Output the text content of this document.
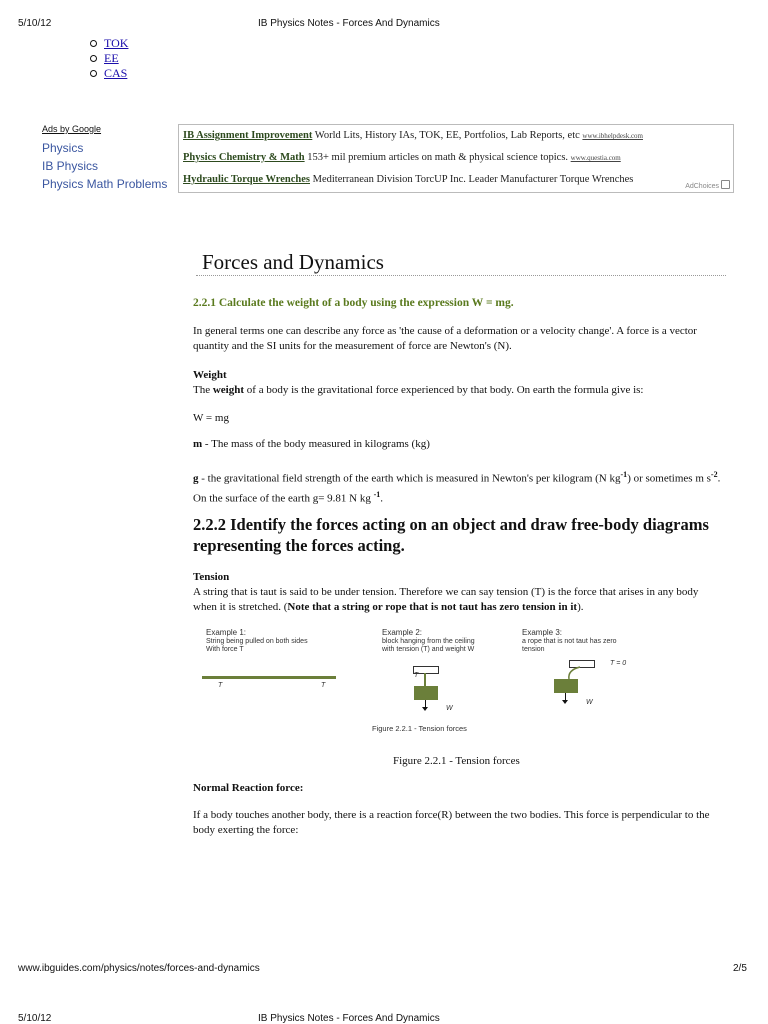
5/10/12	IB Physics Notes - Forces And Dynamics
TOK
EE
CAS
Ads by Google
Physics
IB Physics
Physics Math Problems
IB Assignment Improvement World Lits, History IAs, TOK, EE, Portfolios, Lab Reports, etc www.ibhelpdesk.com
Physics Chemistry & Math 153+ mil premium articles on math & physical science topics. www.questia.com
Hydraulic Torque Wrenches Mediterranean Division TorcUP Inc. Leader Manufacturer Torque Wrenches
AdChoices
Forces and Dynamics
2.2.1 Calculate the weight of a body using the expression W = mg.
In general terms one can describe any force as 'the cause of a deformation or a velocity change'. A force is a vector quantity and the SI units for the measurement of force are Newton's (N).
Weight
The weight of a body is the gravitational force experienced by that body. On earth the formula give is:
W = mg
m - The mass of the body measured in kilograms (kg)
g - the gravitational field strength of the earth which is measured in Newton's per kilogram (N $kg^{-1}$) or sometimes m $s^{-2}$. On the surface of the earth g= 9.81 N kg $^{-1}$.
2.2.2 Identify the forces acting on an object and draw free-body diagrams representing the forces acting.
Tension
A string that is taut is said to be under tension. Therefore we can say tension (T) is the force that arises in any body when it is stretched. (Note that a string or rope that is not taut has zero tension in it).
Example 1:
String being pulled on both sides
With force T
T	T
Example 2:
block hanging from the ceiling
with tension (T) and weight W
T
W
Example 3:
a rope that is not taut has zero tension
T = 0
W
Figure 2.2.1 - Tension forces
Figure 2.2.1 - Tension forces
Normal Reaction force:
If a body touches another body, there is a reaction force(R) between the two bodies. This force is perpendicular to the body exerting the force:
www.ibguides.com/physics/notes/forces-and-dynamics	2/5
5/10/12	IB Physics Notes - Forces And Dynamics
